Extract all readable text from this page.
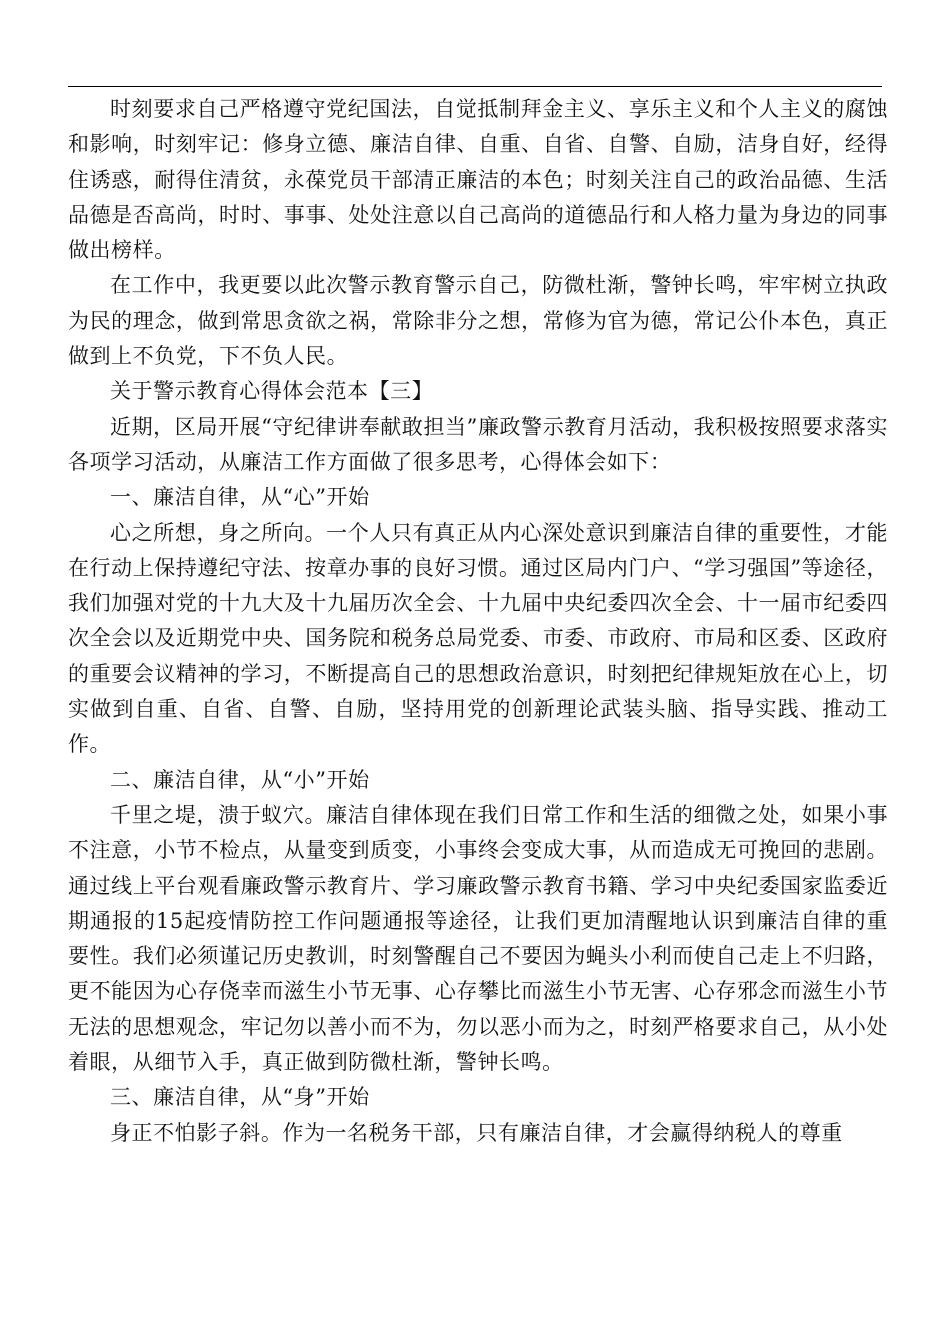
时刻要求自己严格遵守党纪国法，自觉抵制拜金主义、享乐主义和个人主义的腐蚀和影响，时刻牢记：修身立德、廉洁自律、自重、自省、自警、自励，洁身自好，经得住诱惑，耐得住清贫，永葆党员干部清正廉洁的本色；时刻关注自己的政治品德、生活品德是否高尚，时时、事事、处处注意以自己高尚的道德品行和人格力量为身边的同事做出榜样。

在工作中，我更要以此次警示教育警示自己，防微杜渐，警钟长鸣，牢牢树立执政为民的理念，做到常思贪欲之祸，常除非分之想，常修为官为德，常记公仆本色，真正做到上不负党，下不负人民。

关于警示教育心得体会范本【三】

近期，区局开展“守纪律讲奉献敢担当”廉政警示教育月活动，我积极按照要求落实各项学习活动，从廉洁工作方面做了很多思考，心得体会如下：

一、廉洁自律，从“心”开始

心之所想，身之所向。一个人只有真正从内心深处意识到廉洁自律的重要性，才能在行动上保持遵纪守法、按章办事的良好习惯。通过区局内门户、“学习强国”等途径，我们加强对党的十九大及十九届历次全会、十九届中央纪委四次全会、十一届市纪委四次全会以及近期党中央、国务院和税务总局党委、市委、市政府、市局和区委、区政府的重要会议精神的学习，不断提高自己的思想政治意识，时刻把纪律规矩放在心上，切实做到自重、自省、自警、自励，坚持用党的创新理论武装头脑、指导实践、推动工作。

二、廉洁自律，从“小”开始

千里之堤，溃于蚁穴。廉洁自律体现在我们日常工作和生活的细微之处，如果小事不注意，小节不检点，从量变到质变，小事终会变成大事，从而造成无可挽回的悲剧。通过线上平台观看廉政警示教育片、学习廉政警示教育书籍、学习中央纪委国家监委近期通报的15起疫情防控工作问题通报等途径，让我们更加清醒地认识到廉洁自律的重要性。我们必须谨记历史教训，时刻警醒自己不要因为蝇头小利而使自己走上不归路，更不能因为心存侥幸而滋生小节无事、心存攀比而滋生小节无害、心存邪念而滋生小节无法的思想观念，牢记勿以善小而不为，勿以恶小而为之，时刻严格要求自己，从小处着眼，从细节入手，真正做到防微杜渐，警钟长鸣。

三、廉洁自律，从“身”开始

身正不怕影子斜。作为一名税务干部，只有廉洁自律，才会赢得纳税人的尊重
